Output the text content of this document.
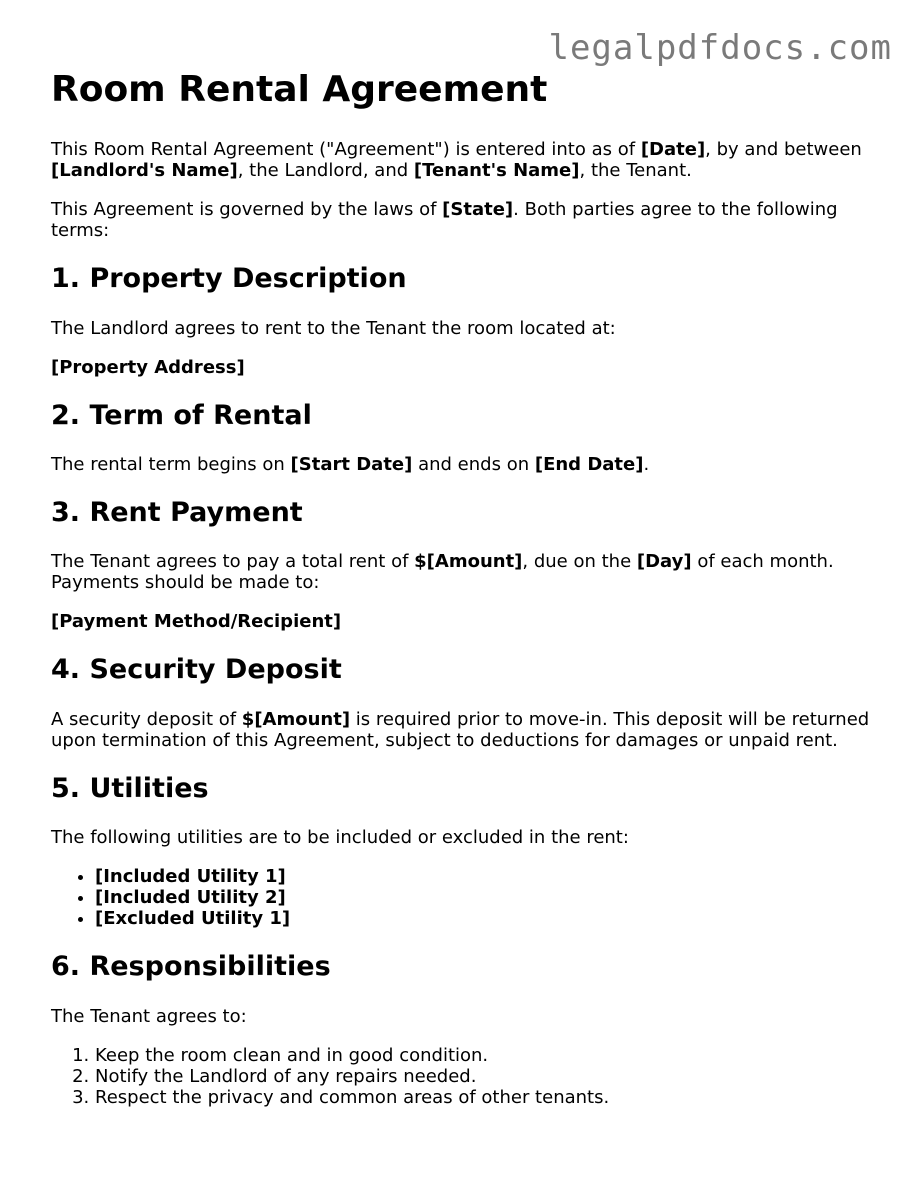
legalpdfdocs.com
Room Rental Agreement

This Room Rental Agreement ("Agreement") is entered into as of [Date], by and between [Landlord's Name], the Landlord, and [Tenant's Name], the Tenant.

This Agreement is governed by the laws of [State]. Both parties agree to the following terms:

1. Property Description

The Landlord agrees to rent to the Tenant the room located at:

[Property Address]

2. Term of Rental

The rental term begins on [Start Date] and ends on [End Date].

3. Rent Payment

The Tenant agrees to pay a total rent of $[Amount], due on the [Day] of each month. Payments should be made to:

[Payment Method/Recipient]

4. Security Deposit

A security deposit of $[Amount] is required prior to move-in. This deposit will be returned upon termination of this Agreement, subject to deductions for damages or unpaid rent.

5. Utilities

The following utilities are to be included or excluded in the rent:

• [Included Utility 1]
• [Included Utility 2]
• [Excluded Utility 1]
6. Responsibilities

The Tenant agrees to:

1. Keep the room clean and in good condition.
2. Notify the Landlord of any repairs needed.
3. Respect the privacy and common areas of other tenants.
